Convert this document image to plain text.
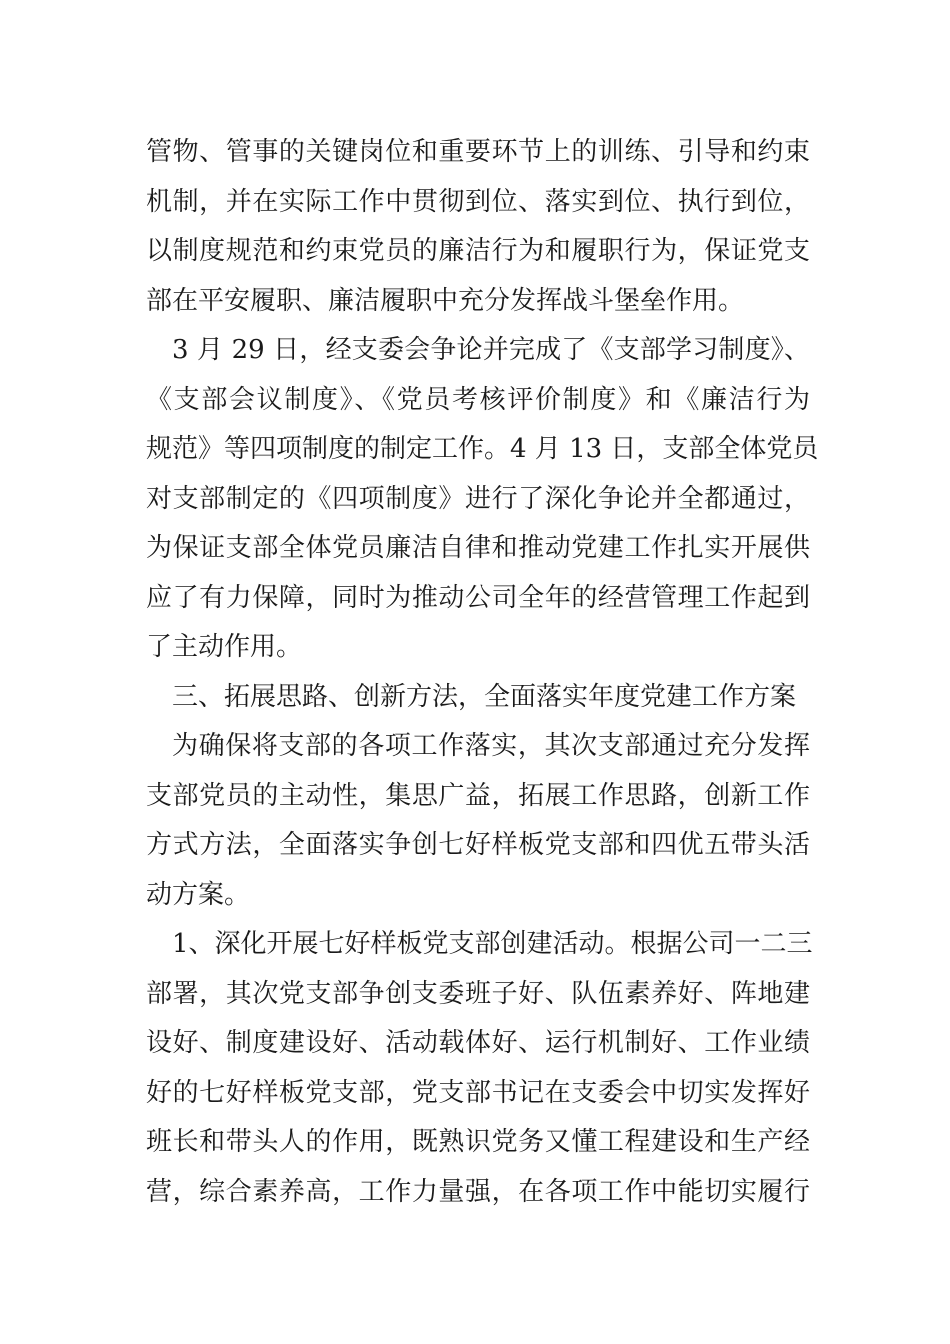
管物、管事的关键岗位和重要环节上的训练、引导和约束
机制，并在实际工作中贯彻到位、落实到位、执行到位，
以制度规范和约束党员的廉洁行为和履职行为，保证党支
部在平安履职、廉洁履职中充分发挥战斗堡垒作用。
3 月 29 日，经支委会争论并完成了《支部学习制度》、
《支部会议制度》、《党员考核评价制度》和《廉洁行为
规范》等四项制度的制定工作。4 月 13 日，支部全体党员
对支部制定的《四项制度》进行了深化争论并全都通过，
为保证支部全体党员廉洁自律和推动党建工作扎实开展供
应了有力保障，同时为推动公司全年的经营管理工作起到
了主动作用。
三、拓展思路、创新方法，全面落实年度党建工作方案
为确保将支部的各项工作落实，其次支部通过充分发挥
支部党员的主动性，集思广益，拓展工作思路，创新工作
方式方法，全面落实争创七好样板党支部和四优五带头活
动方案。
1、深化开展七好样板党支部创建活动。根据公司一二三
部署，其次党支部争创支委班子好、队伍素养好、阵地建
设好、制度建设好、活动载体好、运行机制好、工作业绩
好的七好样板党支部，党支部书记在支委会中切实发挥好
班长和带头人的作用，既熟识党务又懂工程建设和生产经
营，综合素养高，工作力量强，在各项工作中能切实履行
